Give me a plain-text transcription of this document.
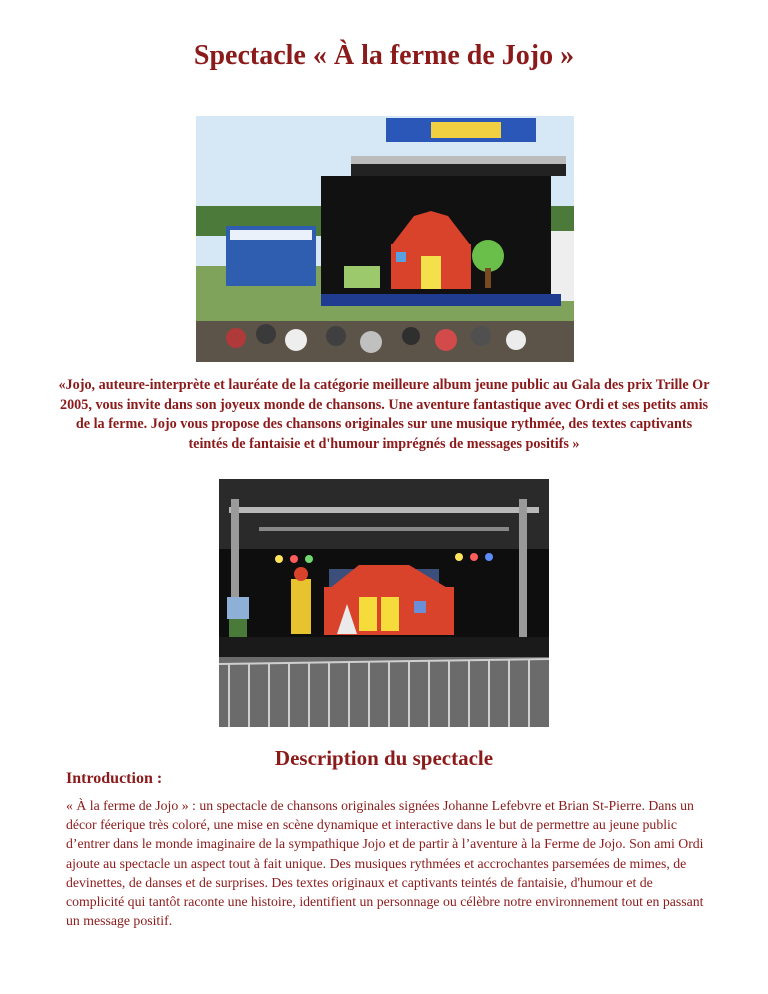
Spectacle « À la ferme de Jojo »

«Jojo, auteure-interprète et lauréate de la catégorie meilleure album jeune public au Gala des prix Trille Or 2005, vous invite dans son joyeux monde de chansons. Une aventure fantastique avec Ordi et ses petits amis de la ferme. Jojo vous propose des chansons originales sur une musique rythmée, des textes captivants teintés de fantaisie et d'humour imprégnés de messages positifs »

Description du spectacle
Introduction :

« À la ferme de Jojo » : un spectacle de chansons originales signées Johanne Lefebvre et Brian St-Pierre. Dans un décor féerique très coloré, une mise en scène dynamique et interactive dans le but de permettre au jeune public d’entrer dans le monde imaginaire de la sympathique Jojo et de partir à l’aventure à la Ferme de Jojo. Son ami Ordi ajoute au spectacle un aspect tout à fait unique. Des musiques rythmées et accrochantes parsemées de mimes, de devinettes, de danses et de surprises. Des textes originaux et captivants teintés de fantaisie, d'humour et de complicité qui tantôt raconte une histoire, identifient un personnage ou célèbre notre environnement tout en passant un message positif.
